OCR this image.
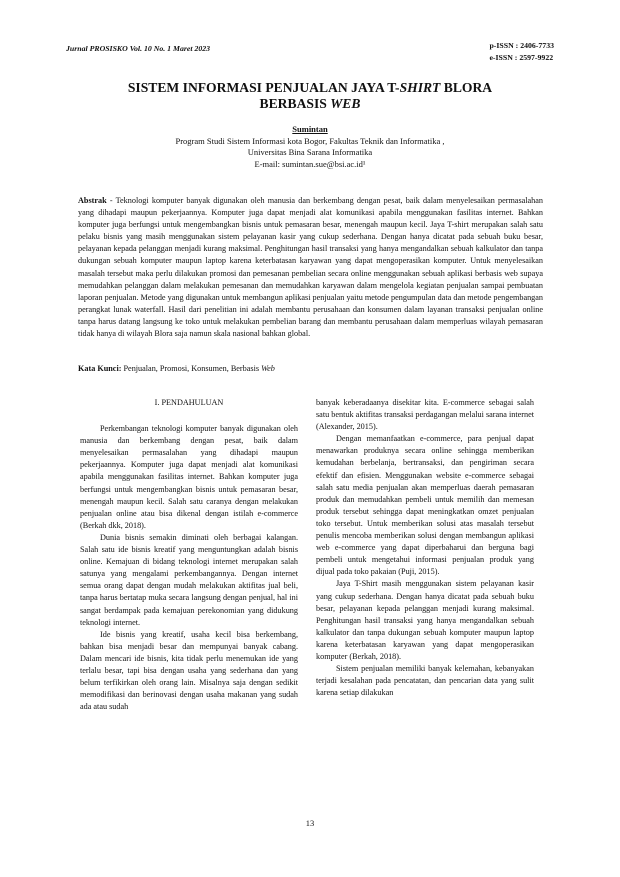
Jurnal PROSISKO Vol. 10 No. 1 Maret 2023	p-ISSN : 2406-7733
e-ISSN : 2597-9922
SISTEM INFORMASI PENJUALAN JAYA T-SHIRT BLORA
BERBASIS WEB
Sumintan
Program Studi Sistem Informasi kota Bogor, Fakultas Teknik dan Informatika ,
Universitas Bina Sarana Informatika
E-mail: sumintan.sue@bsi.ac.id¹
Abstrak - Teknologi komputer banyak digunakan oleh manusia dan berkembang dengan pesat, baik dalam menyelesaikan permasalahan yang dihadapi maupun pekerjaannya. Komputer juga dapat menjadi alat komunikasi apabila menggunakan fasilitas internet. Bahkan komputer juga berfungsi untuk mengembangkan bisnis untuk pemasaran besar, menengah maupun kecil. Jaya T-shirt merupakan salah satu pelaku bisnis yang masih menggunakan sistem pelayanan kasir yang cukup sederhana. Dengan hanya dicatat pada sebuah buku besar, pelayanan kepada pelanggan menjadi kurang maksimal. Penghitungan hasil transaksi yang hanya mengandalkan sebuah kalkulator dan tanpa dukungan sebuah komputer maupun laptop karena keterbatasan karyawan yang dapat mengoperasikan komputer. Untuk menyelesaikan masalah tersebut maka perlu dilakukan promosi dan pemesanan pembelian secara online menggunakan sebuah aplikasi berbasis web supaya memudahkan pelanggan dalam melakukan pemesanan dan memudahkan karyawan dalam mengelola kegiatan penjualan sampai pembuatan laporan penjualan. Metode yang digunakan untuk membangun aplikasi penjualan yaitu metode pengumpulan data dan metode pengembangan perangkat lunak waterfall. Hasil dari penelitian ini adalah membantu perusahaan dan konsumen dalam layanan transaksi penjualan online tanpa harus datang langsung ke toko untuk melakukan pembelian barang dan membantu perusahaan dalam memperluas wilayah pemasaran tidak hanya di wilayah Blora saja namun skala nasional bahkan global.
Kata Kunci: Penjualan, Promosi, Konsumen, Berbasis Web
I. PENDAHULUAN

Perkembangan teknologi komputer banyak digunakan oleh manusia dan berkembang dengan pesat, baik dalam menyelesaikan permasalahan yang dihadapi maupun pekerjaannya. Komputer juga dapat menjadi alat komunikasi apabila menggunakan fasilitas internet. Bahkan komputer juga berfungsi untuk mengembangkan bisnis untuk pemasaran besar, menengah maupun kecil. Salah satu caranya dengan melakukan penjualan online atau bisa dikenal dengan istilah e-commerce (Berkah dkk, 2018).

Dunia bisnis semakin diminati oleh berbagai kalangan. Salah satu ide bisnis kreatif yang menguntungkan adalah bisnis online. Kemajuan di bidang teknologi internet merupakan salah satunya yang mengalami perkembangannya. Dengan internet semua orang dapat dengan mudah melakukan aktifitas jual beli, tanpa harus bertatap muka secara langsung dengan penjual, hal ini sangat berdampak pada kemajuan perekonomian yang didukung teknologi internet.

Ide bisnis yang kreatif, usaha kecil bisa berkembang, bahkan bisa menjadi besar dan mempunyai banyak cabang. Dalam mencari ide bisnis, kita tidak perlu menemukan ide yang terlalu besar, tapi bisa dengan usaha yang sederhana dan yang belum terfikirkan oleh orang lain. Misalnya saja dengan sedikit memodifikasi dan berinovasi dengan usaha makanan yang sudah ada atau sudah

banyak keberadaanya disekitar kita. E-commerce sebagai salah satu bentuk aktifitas transaksi perdagangan melalui sarana internet (Alexander, 2015).

Dengan memanfaatkan e-commerce, para penjual dapat menawarkan produknya secara online sehingga memberikan kemudahan berbelanja, bertransaksi, dan pengiriman secara efektif dan efisien. Menggunakan website e-commerce sebagai salah satu media penjualan akan memperluas daerah pemasaran produk dan memudahkan pembeli untuk memilih dan memesan produk tersebut sehingga dapat meningkatkan omzet penjualan toko tersebut. Untuk memberikan solusi atas masalah tersebut penulis mencoba memberikan solusi dengan membangun aplikasi web e-commerce yang dapat diperbaharui dan berguna bagi pembeli untuk mengetahui informasi penjualan produk yang dijual pada toko pakaian (Puji, 2015).

Jaya T-Shirt masih menggunakan sistem pelayanan kasir yang cukup sederhana. Dengan hanya dicatat pada sebuah buku besar, pelayanan kepada pelanggan menjadi kurang maksimal. Penghitungan hasil transaksi yang hanya mengandalkan sebuah kalkulator dan tanpa dukungan sebuah komputer maupun laptop karena keterbatasan karyawan yang dapat mengoperasikan komputer (Berkah, 2018).

Sistem penjualan memiliki banyak kelemahan, kebanyakan terjadi kesalahan pada pencatatan, dan pencarian data yang sulit karena setiap dilakukan

13
